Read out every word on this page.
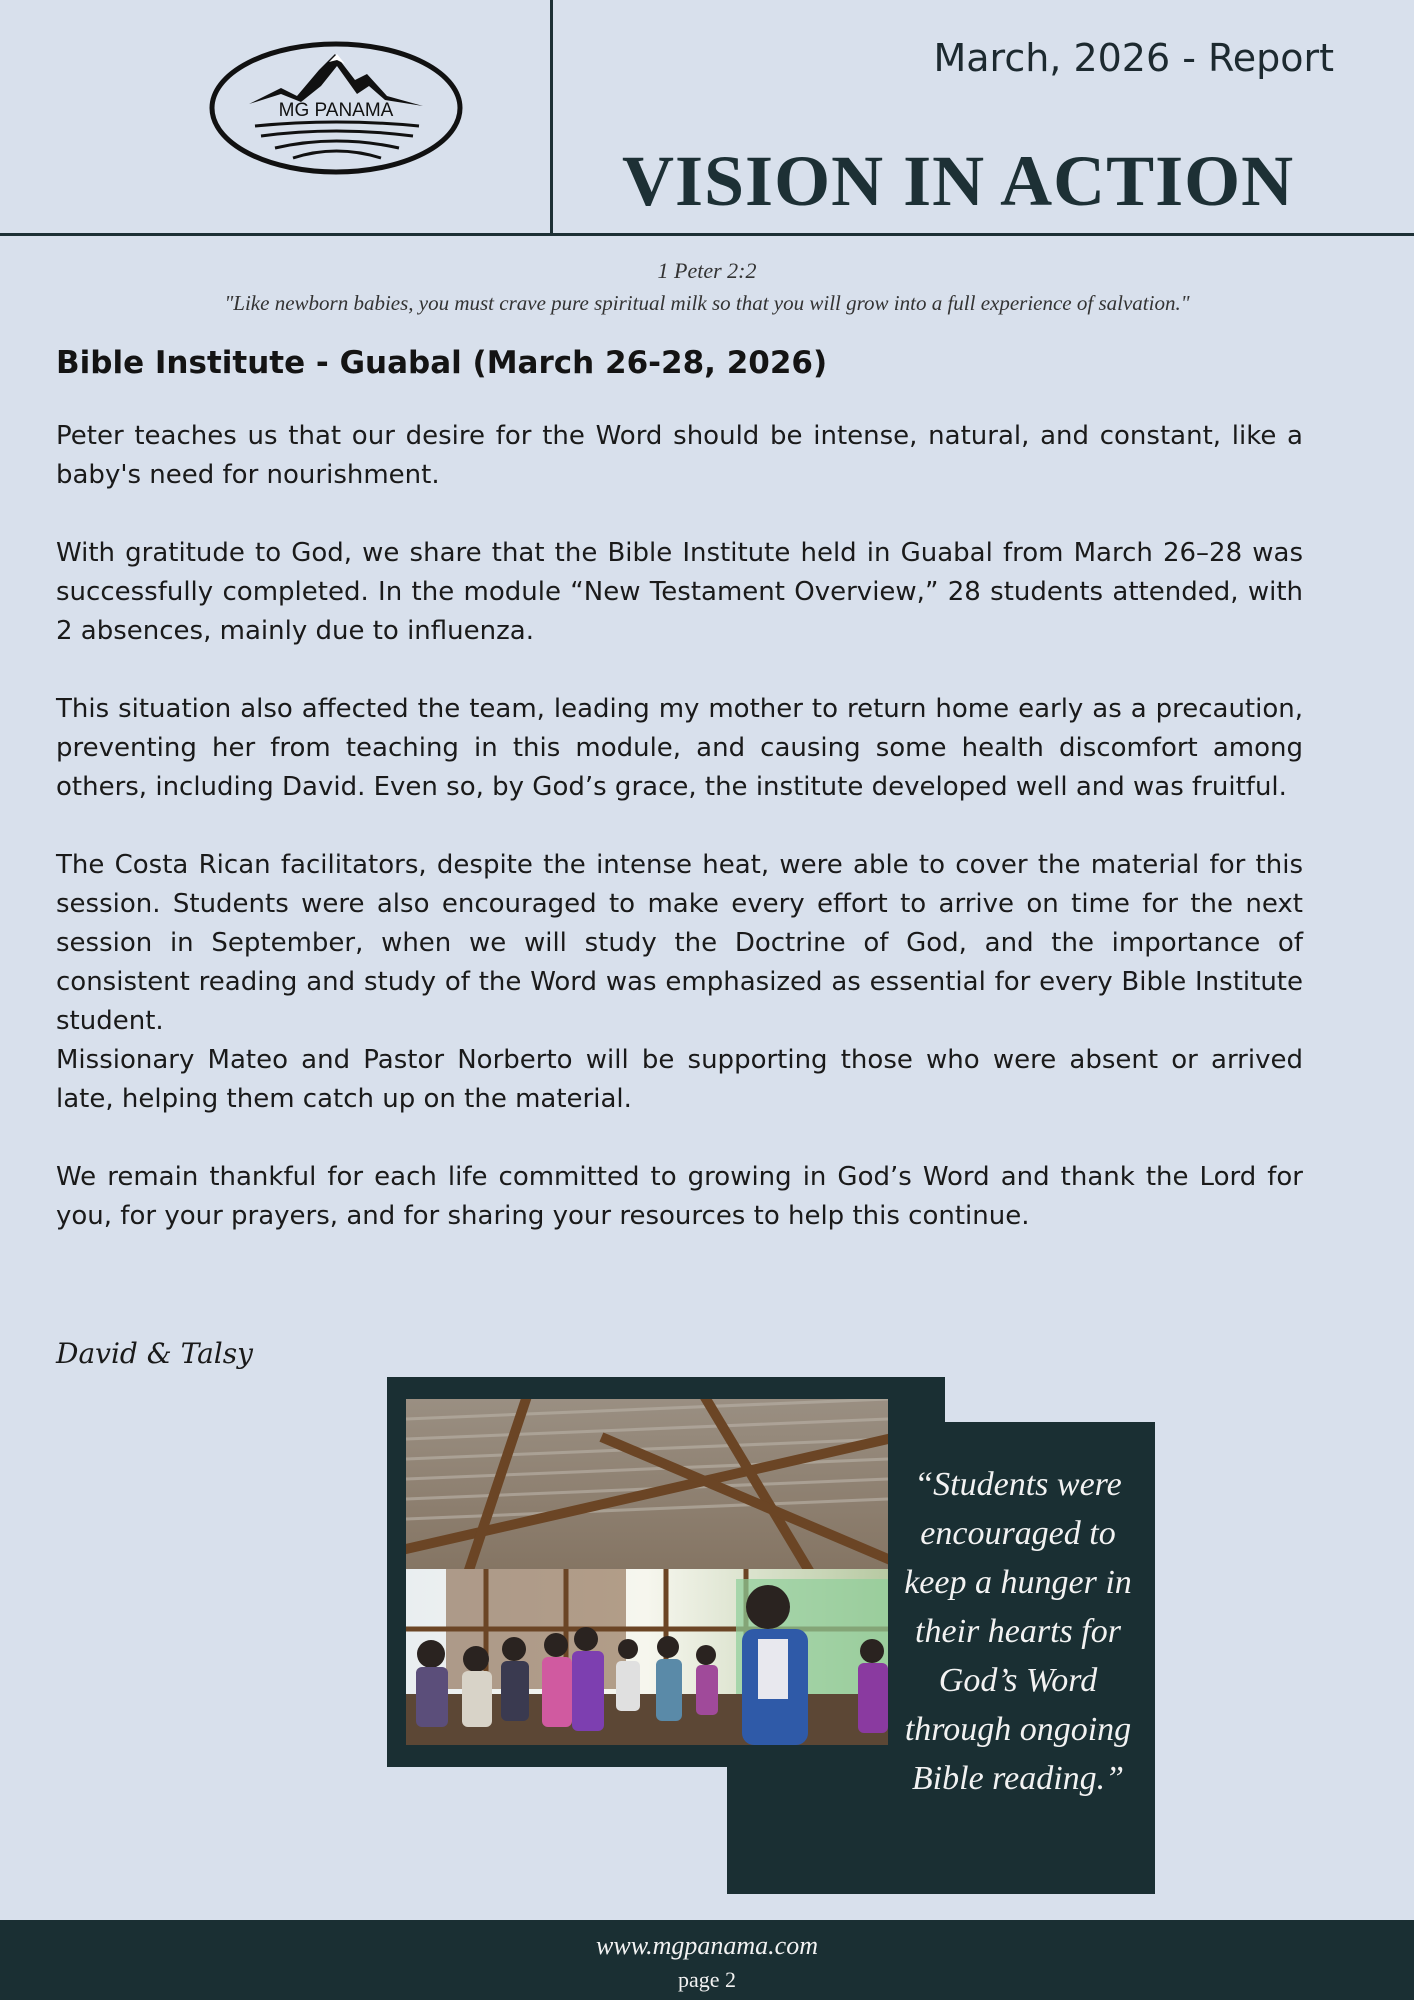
MG PANAMA
March, 2026 - Report
VISION IN ACTION
1 Peter 2:2
"Like newborn babies, you must crave pure spiritual milk so that you will grow into a full experience of salvation."
Bible Institute - Guabal (March 26-28, 2026)

Peter teaches us that our desire for the Word should be intense, natural, and constant, like a baby's need for nourishment.

With gratitude to God, we share that the Bible Institute held in Guabal from March 26–28 was successfully completed. In the module “New Testament Overview,” 28 students attended, with 2 absences, mainly due to influenza.

This situation also affected the team, leading my mother to return home early as a precaution, preventing her from teaching in this module, and causing some health discomfort among others, including David. Even so, by God’s grace, the institute developed well and was fruitful.

The Costa Rican facilitators, despite the intense heat, were able to cover the material for this session. Students were also encouraged to make every effort to arrive on time for the next session in September, when we will study the Doctrine of God, and the importance of consistent reading and study of the Word was emphasized as essential for every Bible Institute student.

Missionary Mateo and Pastor Norberto will be supporting those who were absent or arrived late, helping them catch up on the material.

We remain thankful for each life committed to growing in God’s Word and thank the Lord for you, for your prayers, and for sharing your resources to help this continue.

David & Talsy
“Students were encouraged to keep a hunger in their hearts for God’s Word through ongoing Bible reading.”
www.mgpanama.com
page 2
